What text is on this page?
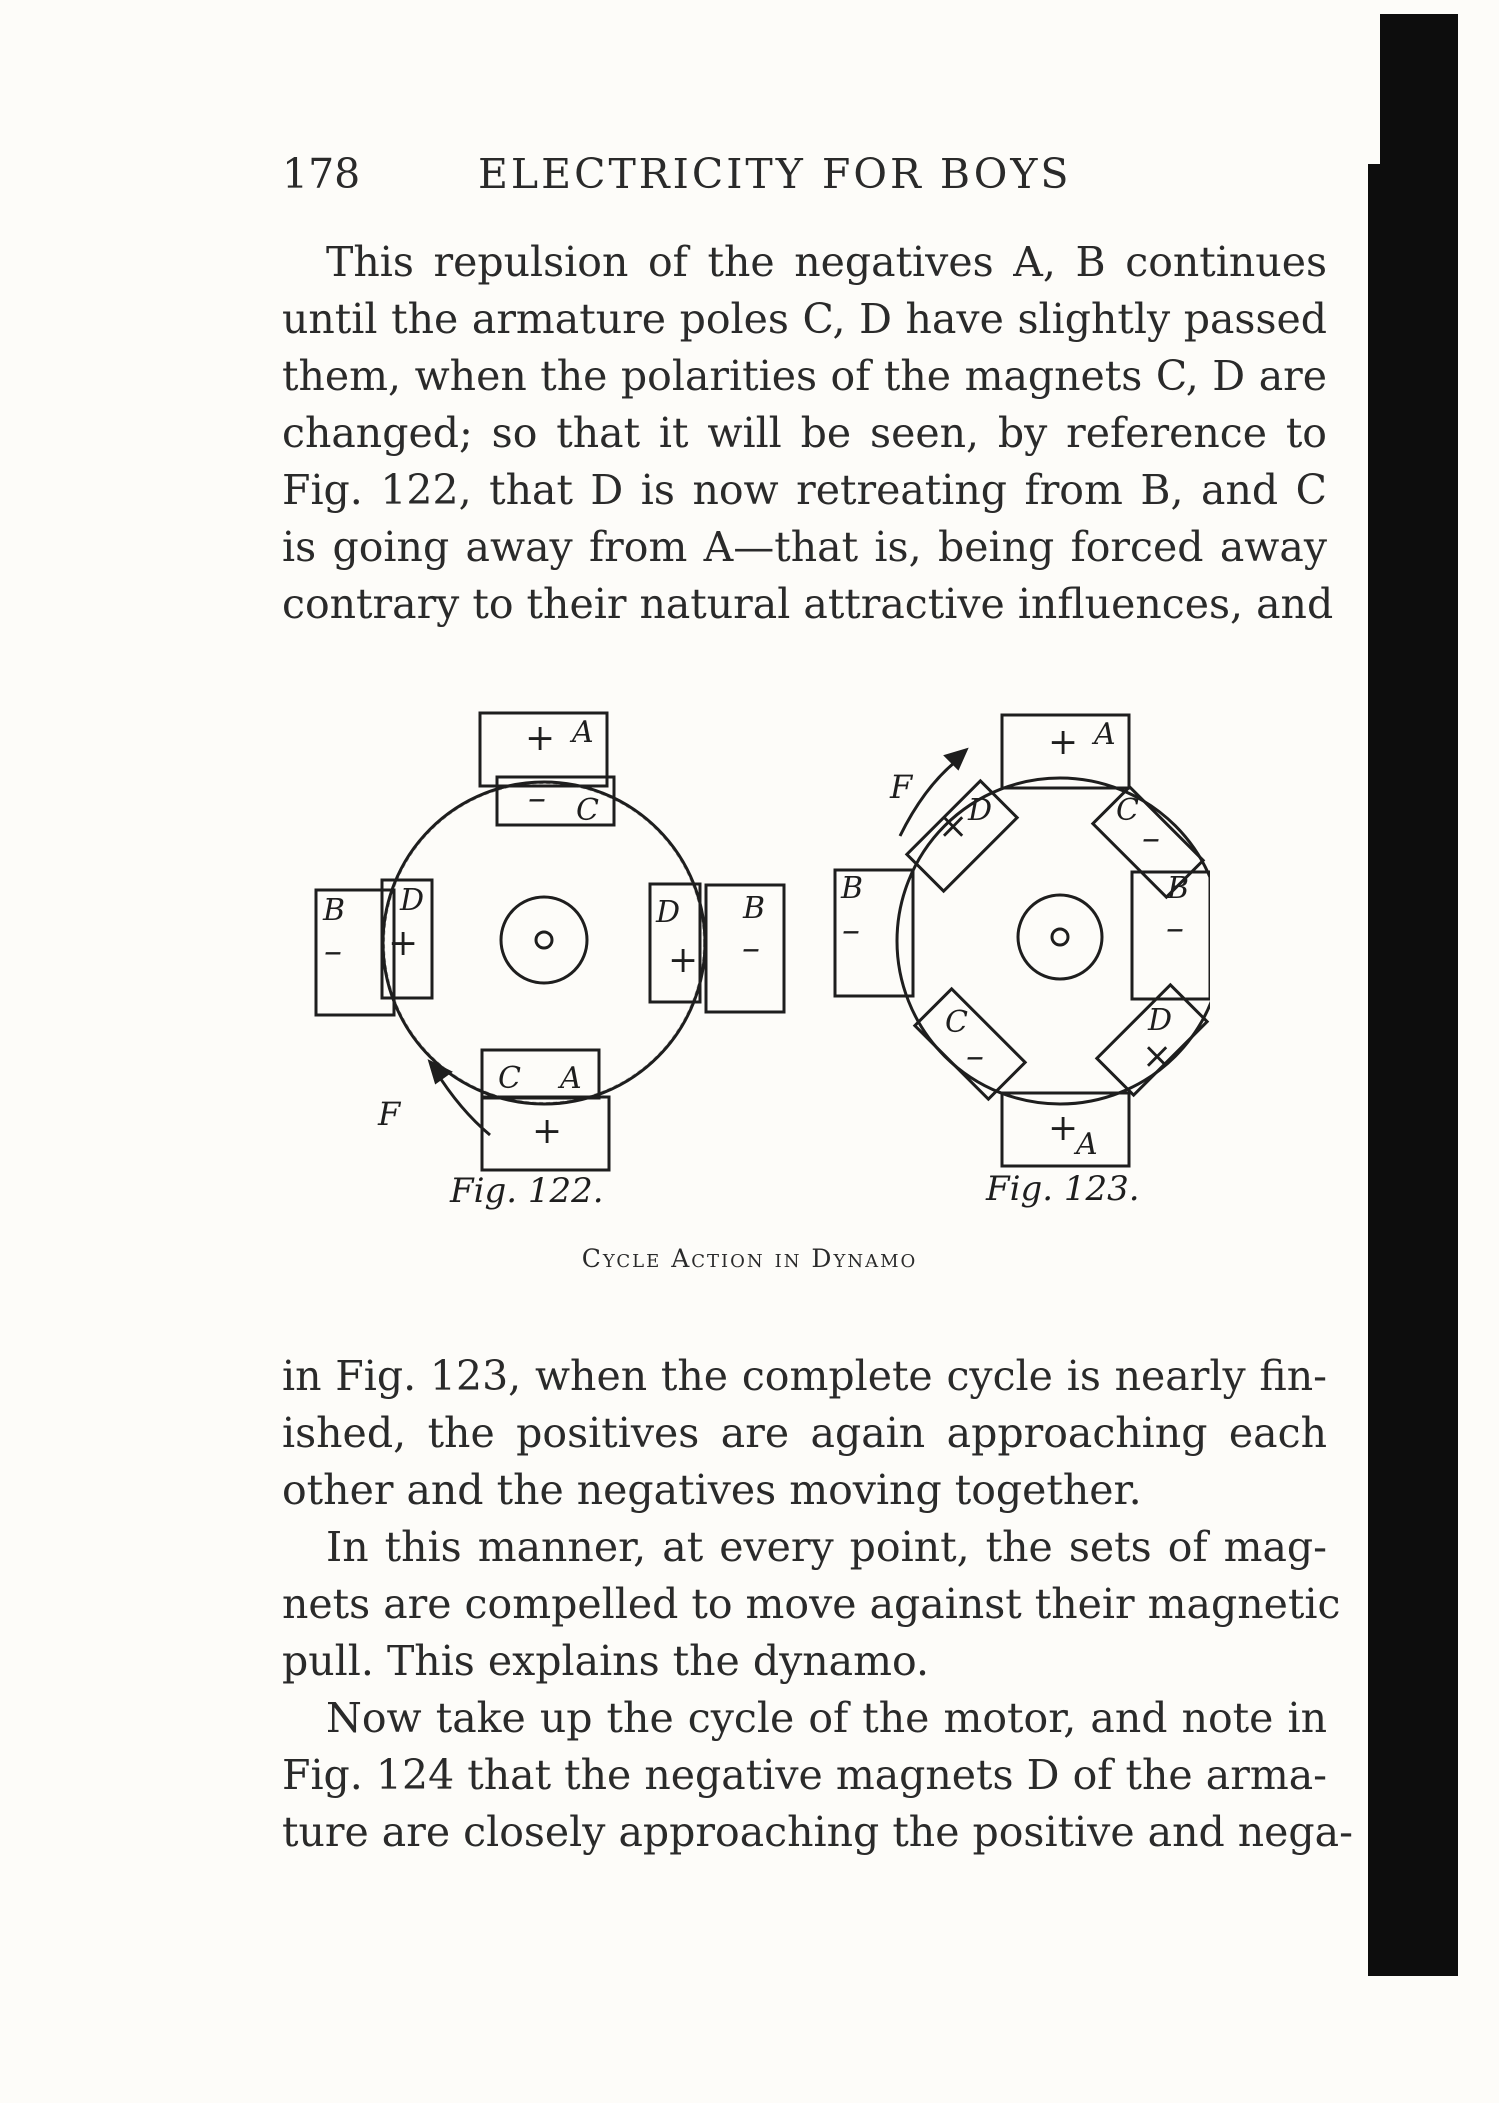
178	ELECTRICITY FOR BOYS
This repulsion of the negatives A, B continues
until the armature poles C, D have slightly passed
them, when the polarities of the magnets C, D are
changed; so that it will be seen, by reference to
Fig. 122, that D is now retreating from B, and C
is going away from A—that is, being forced away
contrary to their natural attractive influences, and
+ A
– C
B
–
D
+
B
–
D
+
C _ A
+
F
Fig. 122.
+ A
B
–
B
–
+
A
× D	C
–
C
–
D
×
F
Fig. 123.
Cycle Action in Dynamo
in Fig. 123, when the complete cycle is nearly fin-
ished, the positives are again approaching each
other and the negatives moving together.
In this manner, at every point, the sets of mag-
nets are compelled to move against their magnetic
pull. This explains the dynamo.
Now take up the cycle of the motor, and note in
Fig. 124 that the negative magnets D of the arma-
ture are closely approaching the positive and nega-
